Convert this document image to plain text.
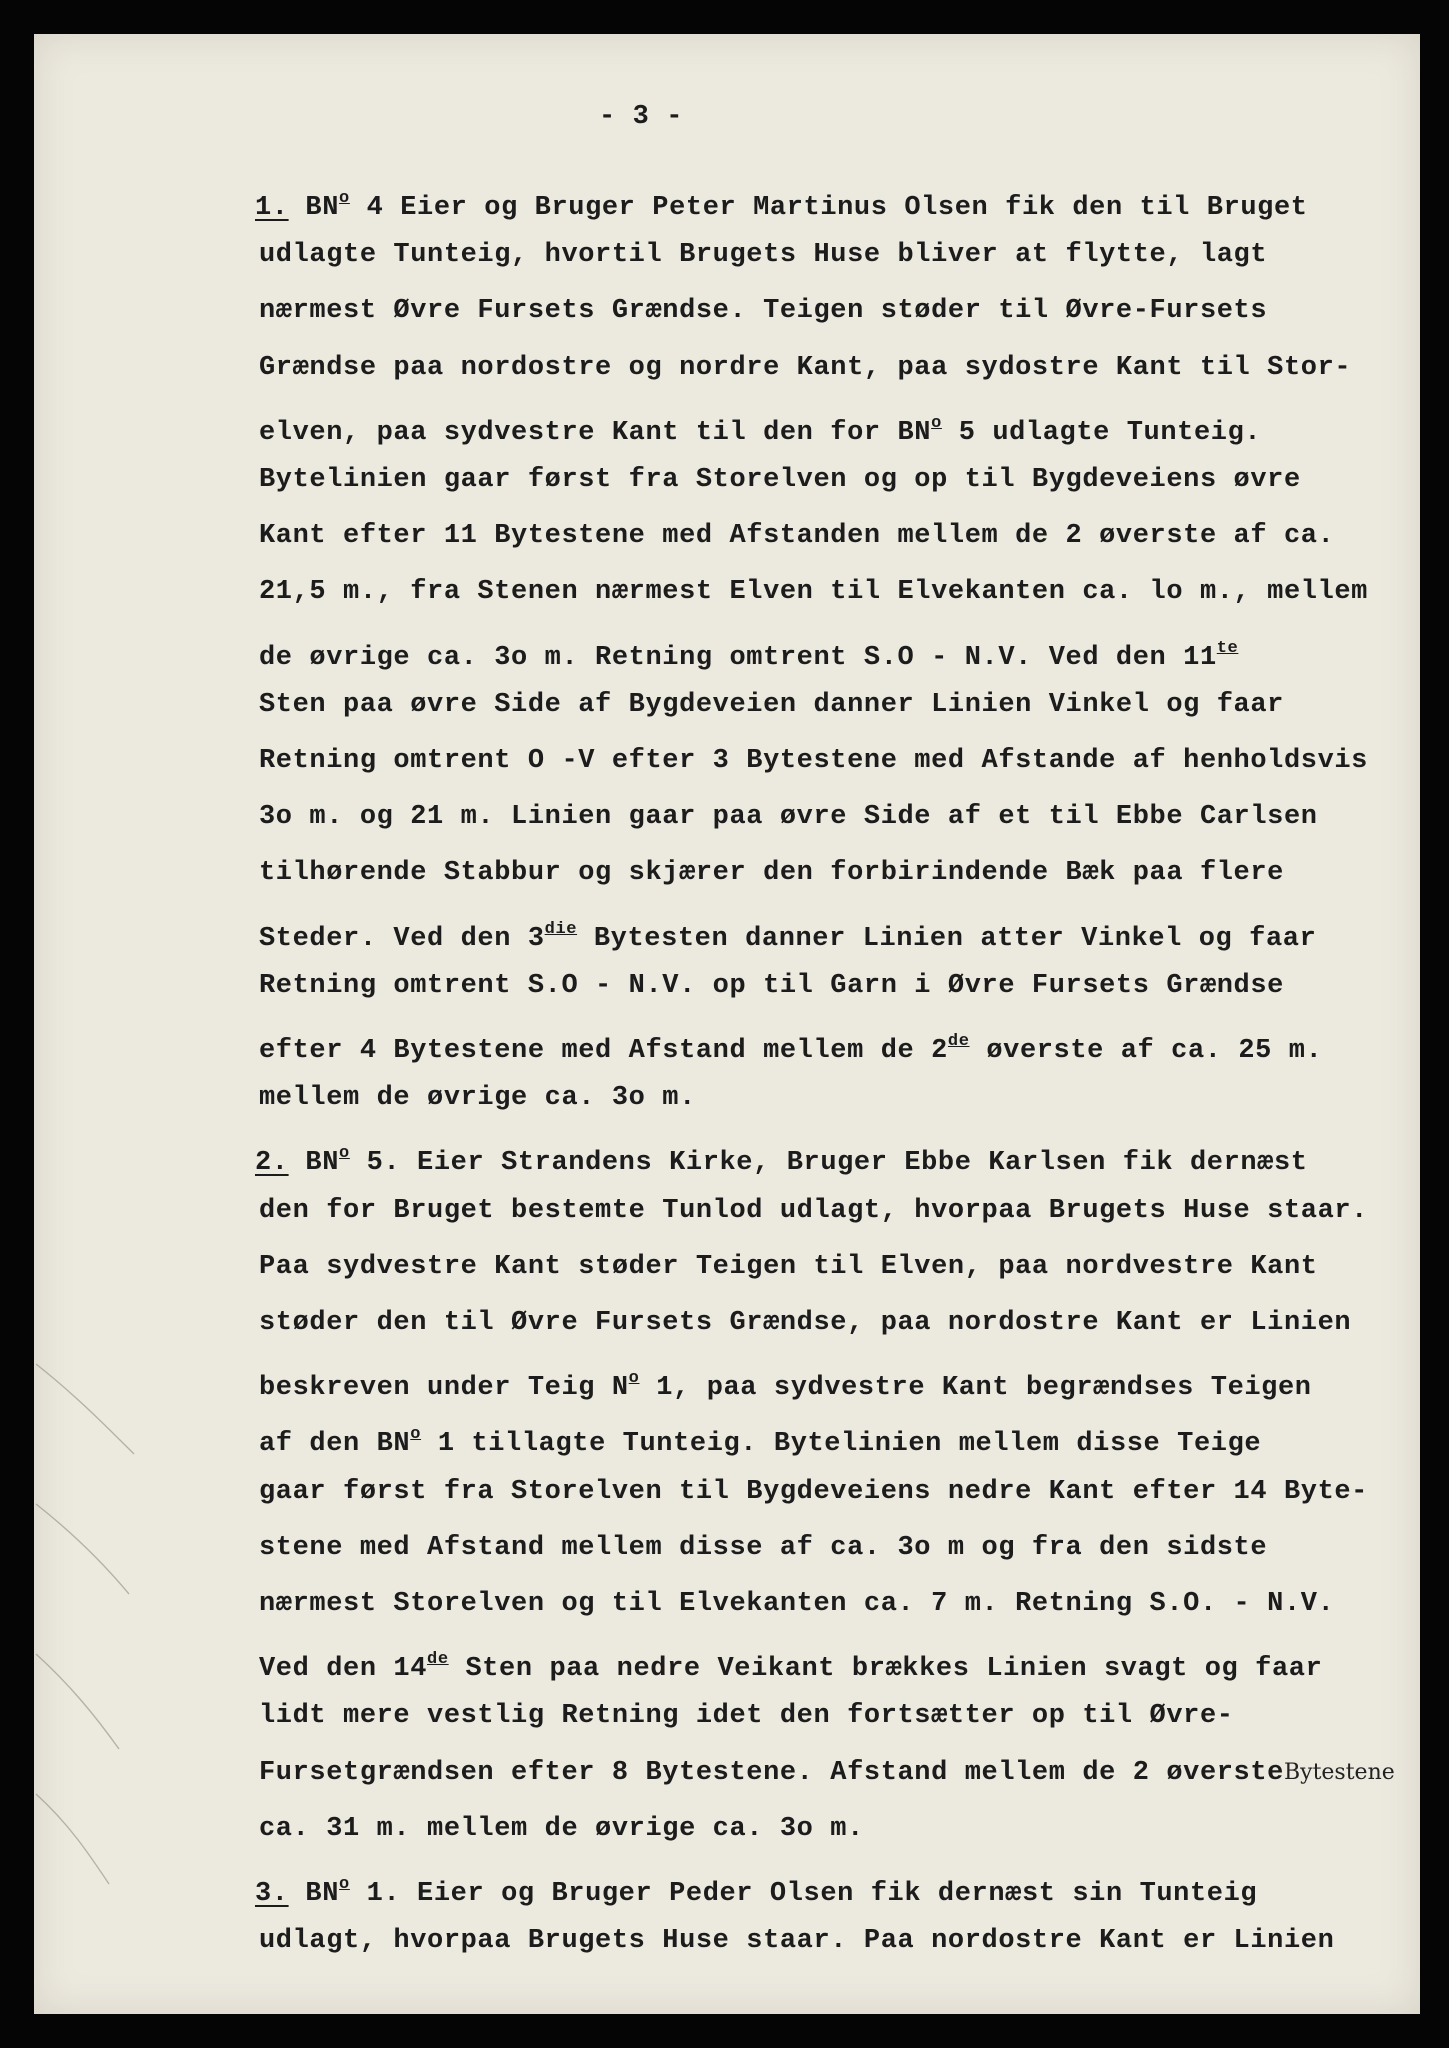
- 3 -
1. $BN^o$ 4 Eier og Bruger Peter Martinus Olsen fik den til Bruget
udlagte Tunteig, hvortil Brugets Huse bliver at flytte, lagt
nærmest Øvre Fursets Grændse. Teigen støder til Øvre-Fursets
Grændse paa nordostre og nordre Kant, paa sydostre Kant til Stor-
elven, paa sydvestre Kant til den for $BN^o$ 5 udlagte Tunteig.
Bytelinien gaar først fra Storelven og op til Bygdeveiens øvre
Kant efter 11 Bytestene med Afstanden mellem de 2 øverste af ca.
21,5 m., fra Stenen nærmest Elven til Elvekanten ca. lo m., mellem
de øvrige ca. 3o m. Retning omtrent S.O - N.V. Ved den $11^{te}$
Sten paa øvre Side af Bygdeveien danner Linien Vinkel og faar
Retning omtrent O -V efter 3 Bytestene med Afstande af henholdsvis
3o m. og 21 m. Linien gaar paa øvre Side af et til Ebbe Carlsen
tilhørende Stabbur og skjærer den forbirindende Bæk paa flere
Steder. Ved den $3^{die}$ Bytesten danner Linien atter Vinkel og faar
Retning omtrent S.O - N.V. op til Garn i Øvre Fursets Grændse
efter 4 Bytestene med Afstand mellem de 2de øverste af ca. 25 m.
mellem de øvrige ca. 3o m.
2. $BN^o$ 5. Eier Strandens Kirke, Bruger Ebbe Karlsen fik dernæst
den for Bruget bestemte Tunlod udlagt, hvorpaa Brugets Huse staar.
Paa sydvestre Kant støder Teigen til Elven, paa nordvestre Kant
støder den til Øvre Fursets Grændse, paa nordostre Kant er Linien
beskreven under Teig $N^o$ 1, paa sydvestre Kant begrændses Teigen
af den $BN^o$ 1 tillagte Tunteig. Bytelinien mellem disse Teige
gaar først fra Storelven til Bygdeveiens nedre Kant efter 14 Byte-
stene med Afstand mellem disse af ca. 3o m og fra den sidste
nærmest Storelven og til Elvekanten ca. 7 m. Retning S.O. - N.V.
Ved den 14de Sten paa nedre Veikant brækkes Linien svagt og faar
lidt mere vestlig Retning idet den fortsætter op til Øvre-
Fursetgrændsen efter 8 Bytestene. Afstand mellem de 2 øversteBytestene
ca. 31 m. mellem de øvrige ca. 3o m.
3. $BN^o$ 1. Eier og Bruger Peder Olsen fik dernæst sin Tunteig
udlagt, hvorpaa Brugets Huse staar. Paa nordostre Kant er Linien
